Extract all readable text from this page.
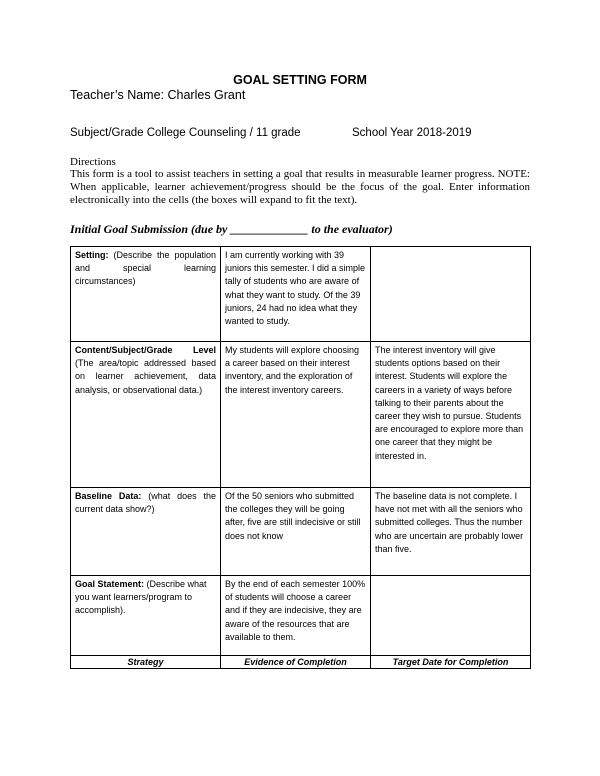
GOAL SETTING FORM
Teacher’s Name: Charles Grant
Subject/Grade College Counseling / 11 grade	School Year 2018-2019
Directions
This form is a tool to assist teachers in setting a goal that results in measurable learner progress. NOTE: When applicable, learner achievement/progress should be the focus of the goal. Enter information electronically into the cells (the boxes will expand to fit the text).
Initial Goal Submission (due by _____________ to the evaluator)
Setting: (Describe the population and special learning circumstances)	I am currently working with 39 juniors this semester. I did a simple tally of students who are aware of what they want to study. Of the 39 juniors, 24 had no idea what they wanted to study.	
Content/Subject/Grade Level (The area/topic addressed based on learner achievement, data analysis, or observational data.)	My students will explore choosing a career based on their interest inventory, and the exploration of the interest inventory careers.	The interest inventory will give students options based on their interest. Students will explore the careers in a variety of ways before talking to their parents about the career they wish to pursue. Students are encouraged to explore more than one career that they might be interested in.
Baseline Data: (what does the current data show?)	Of the 50 seniors who submitted the colleges they will be going after, five are still indecisive or still does not know	The baseline data is not complete. I have not met with all the seniors who submitted colleges. Thus the number who are uncertain are probably lower than five.
Goal Statement: (Describe what you want learners/program to accomplish).	By the end of each semester 100% of students will choose a career and if they are indecisive, they are aware of the resources that are available to them.	
Strategy	Evidence of Completion	Target Date for Completion
